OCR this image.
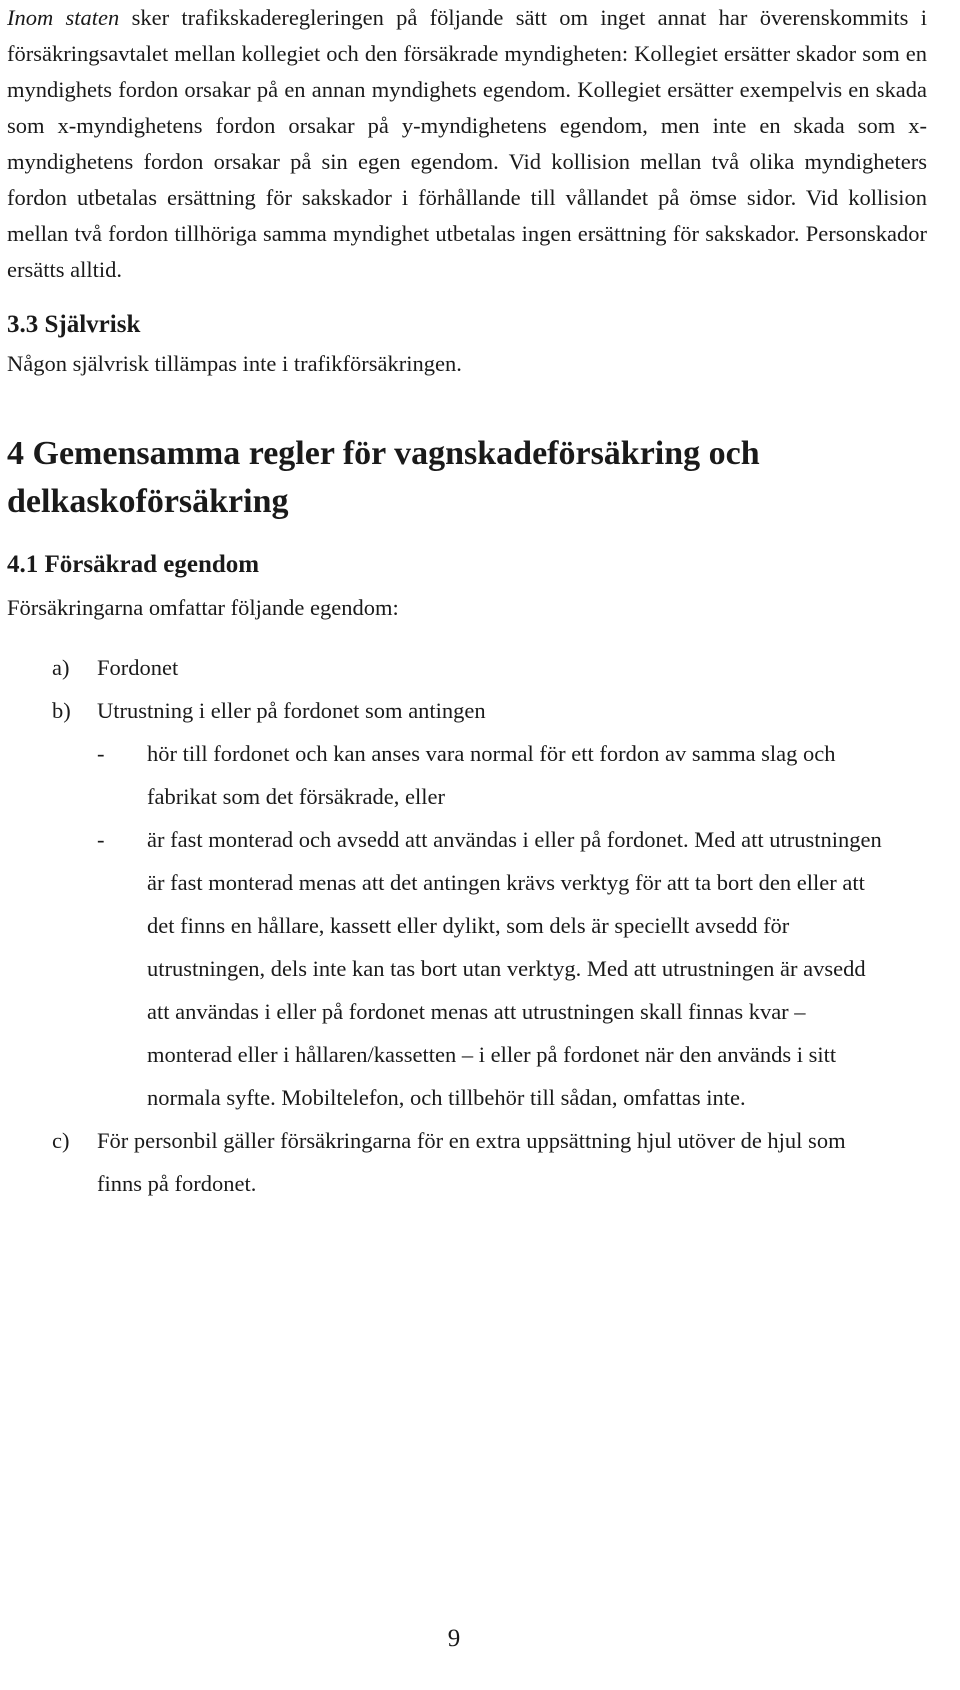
Inom staten sker trafikskaderegleringen på följande sätt om inget annat har överenskommits i försäkringsavtalet mellan kollegiet och den försäkrade myndigheten: Kollegiet ersätter skador som en myndighets fordon orsakar på en annan myndighets egendom. Kollegiet ersätter exempelvis en skada som x-myndighetens fordon orsakar på y-myndighetens egendom, men inte en skada som x-myndighetens fordon orsakar på sin egen egendom. Vid kollision mellan två olika myndigheters fordon utbetalas ersättning för sakskador i förhållande till vållandet på ömse sidor. Vid kollision mellan två fordon tillhöriga samma myndighet utbetalas ingen ersättning för sakskador. Personskador ersätts alltid.

3.3 Självrisk

Någon självrisk tillämpas inte i trafikförsäkringen.

4 Gemensamma regler för vagnskadeförsäkring och delkaskoförsäkring
4.1 Försäkrad egendom

Försäkringarna omfattar följande egendom:

a)	Fordonet
b)	Utrustning i eller på fordonet som antingen
-	hör till fordonet och kan anses vara normal för ett fordon av samma slag och fabrikat som det försäkrade, eller
-	är fast monterad och avsedd att användas i eller på fordonet. Med att utrustningen är fast monterad menas att det antingen krävs verktyg för att ta bort den eller att det finns en hållare, kassett eller dylikt, som dels är speciellt avsedd för utrustningen, dels inte kan tas bort utan verktyg. Med att utrustningen är avsedd att användas i eller på fordonet menas att utrustningen skall finnas kvar – monterad eller i hållaren/kassetten – i eller på fordonet när den används i sitt normala syfte. Mobiltelefon, och tillbehör till sådan, omfattas inte.
c)	För personbil gäller försäkringarna för en extra uppsättning hjul utöver de hjul som finns på fordonet.
9
